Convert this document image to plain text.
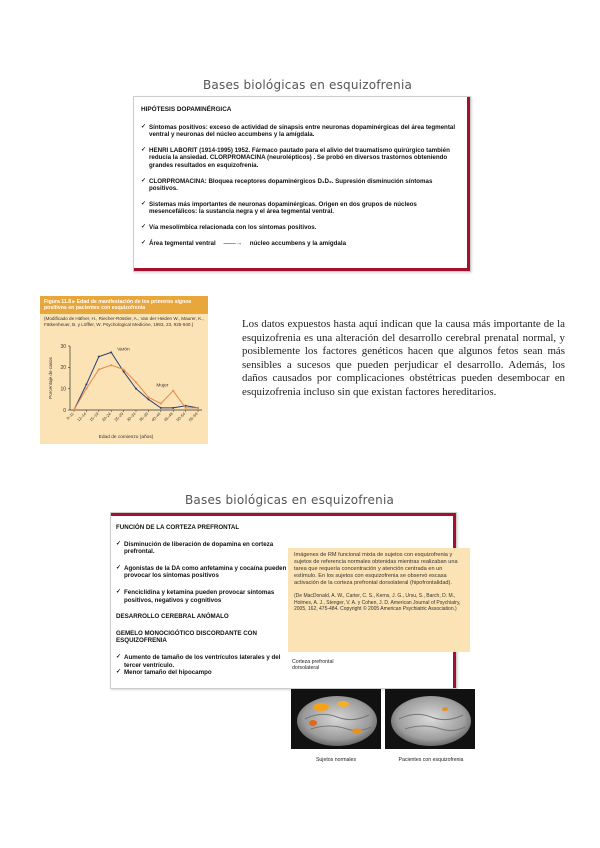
Bases biológicas en esquizofrenia
HIPÓTESIS DOPAMINÉRGICA
✓ Síntomas positivos: exceso de actividad de sinapsis entre neuronas dopaminérgicas del área tegmental ventral y neuronas del núcleo accumbens y la amígdala.
✓ HENRI LABORIT (1914-1995) 1952. Fármaco pautado para el alivio del traumatismo quirúrgico también reducía la ansiedad. CLORPROMACINA (neurolépticos) . Se probó en diversos trastornos obteniendo grandes resultados en esquizofrenia.
✓ CLORPROMACINA: Bloquea receptores dopaminérgicos D₁D₂. Supresión disminución síntomas positivos.
✓ Sistemas más importantes de neuronas dopaminérgicas. Origen en dos grupos de núcleos mesencefálicos: la sustancia negra y el área tegmental ventral.
✓ Vía mesolímbica relacionada con los síntomas positivos.
✓ Área tegmental ventral ——→ núcleo accumbens y la amígdala
Figura 11.8 ▸ Edad de manifestación de los primeros signos positivos en pacientes con esquizofrenia
(Modificado de Häfner, H., Riecher-Rössler, A., Van der Heiden W., Maurer, K., Fätkenheuer, B. y Löffler, W. Psychological Medicine, 1993, 23, 925-940.)
0
10
20
30
Porcentaje de casos
0–11 12–14 15–19 20–24 25–29 30–34 35–39 40–44 45–49 50–54 55–59
Edad de comienzo (años)
Varón
Mujer
Los datos expuestos hasta aquí indican que la causa más importante de la esquizofrenia es una alteración del desarrollo cerebral prenatal normal, y posiblemente los factores genéticos hacen que algunos fetos sean más sensibles a sucesos que pueden perjudicar el desarrollo. Además, los daños causados por complicaciones obstétricas pueden desembocar en esquizofrenia incluso sin que existan factores hereditarios.
Bases biológicas en esquizofrenia
FUNCIÓN DE LA CORTEZA PREFRONTAL
✓ Disminución de liberación de dopamina en corteza prefrontal.
✓ Agonistas de la DA como anfetamina y cocaína pueden provocar los síntomas positivos
✓ Fenciclidina y ketamina pueden provocar síntomas positivos, negativos y cognitivos
DESARROLLO CEREBRAL ANÓMALO
GEMELO MONOCIGÓTICO DISCORDANTE CON ESQUIZOFRENIA
✓ Aumento de tamaño de los ventrículos laterales y del tercer ventrículo.
✓ Menor tamaño del hipocampo
Imágenes de RM funcional mixta de sujetos con esquizofrenia y sujetos de referencia normales obtenidas mientras realizaban una tarea que requería concentración y atención centrada en un estímulo. En los sujetos con esquizofrenia se observó escasa activación de la corteza prefrontal dorsolateral (hipofrontalidad).
(De MacDonald, A. W., Carter, C. S., Kerns, J. G., Ursu, S., Barch, D. M., Holmes, A. J., Stenger, V. A. y Cohen, J. D. American Journal of Psychiatry, 2005, 162, 475-484. Copyright © 2005 American Psychiatric Association.)
Corteza prefrontal dorsolateral
Sujetos normales	Pacientes con esquizofrenia
